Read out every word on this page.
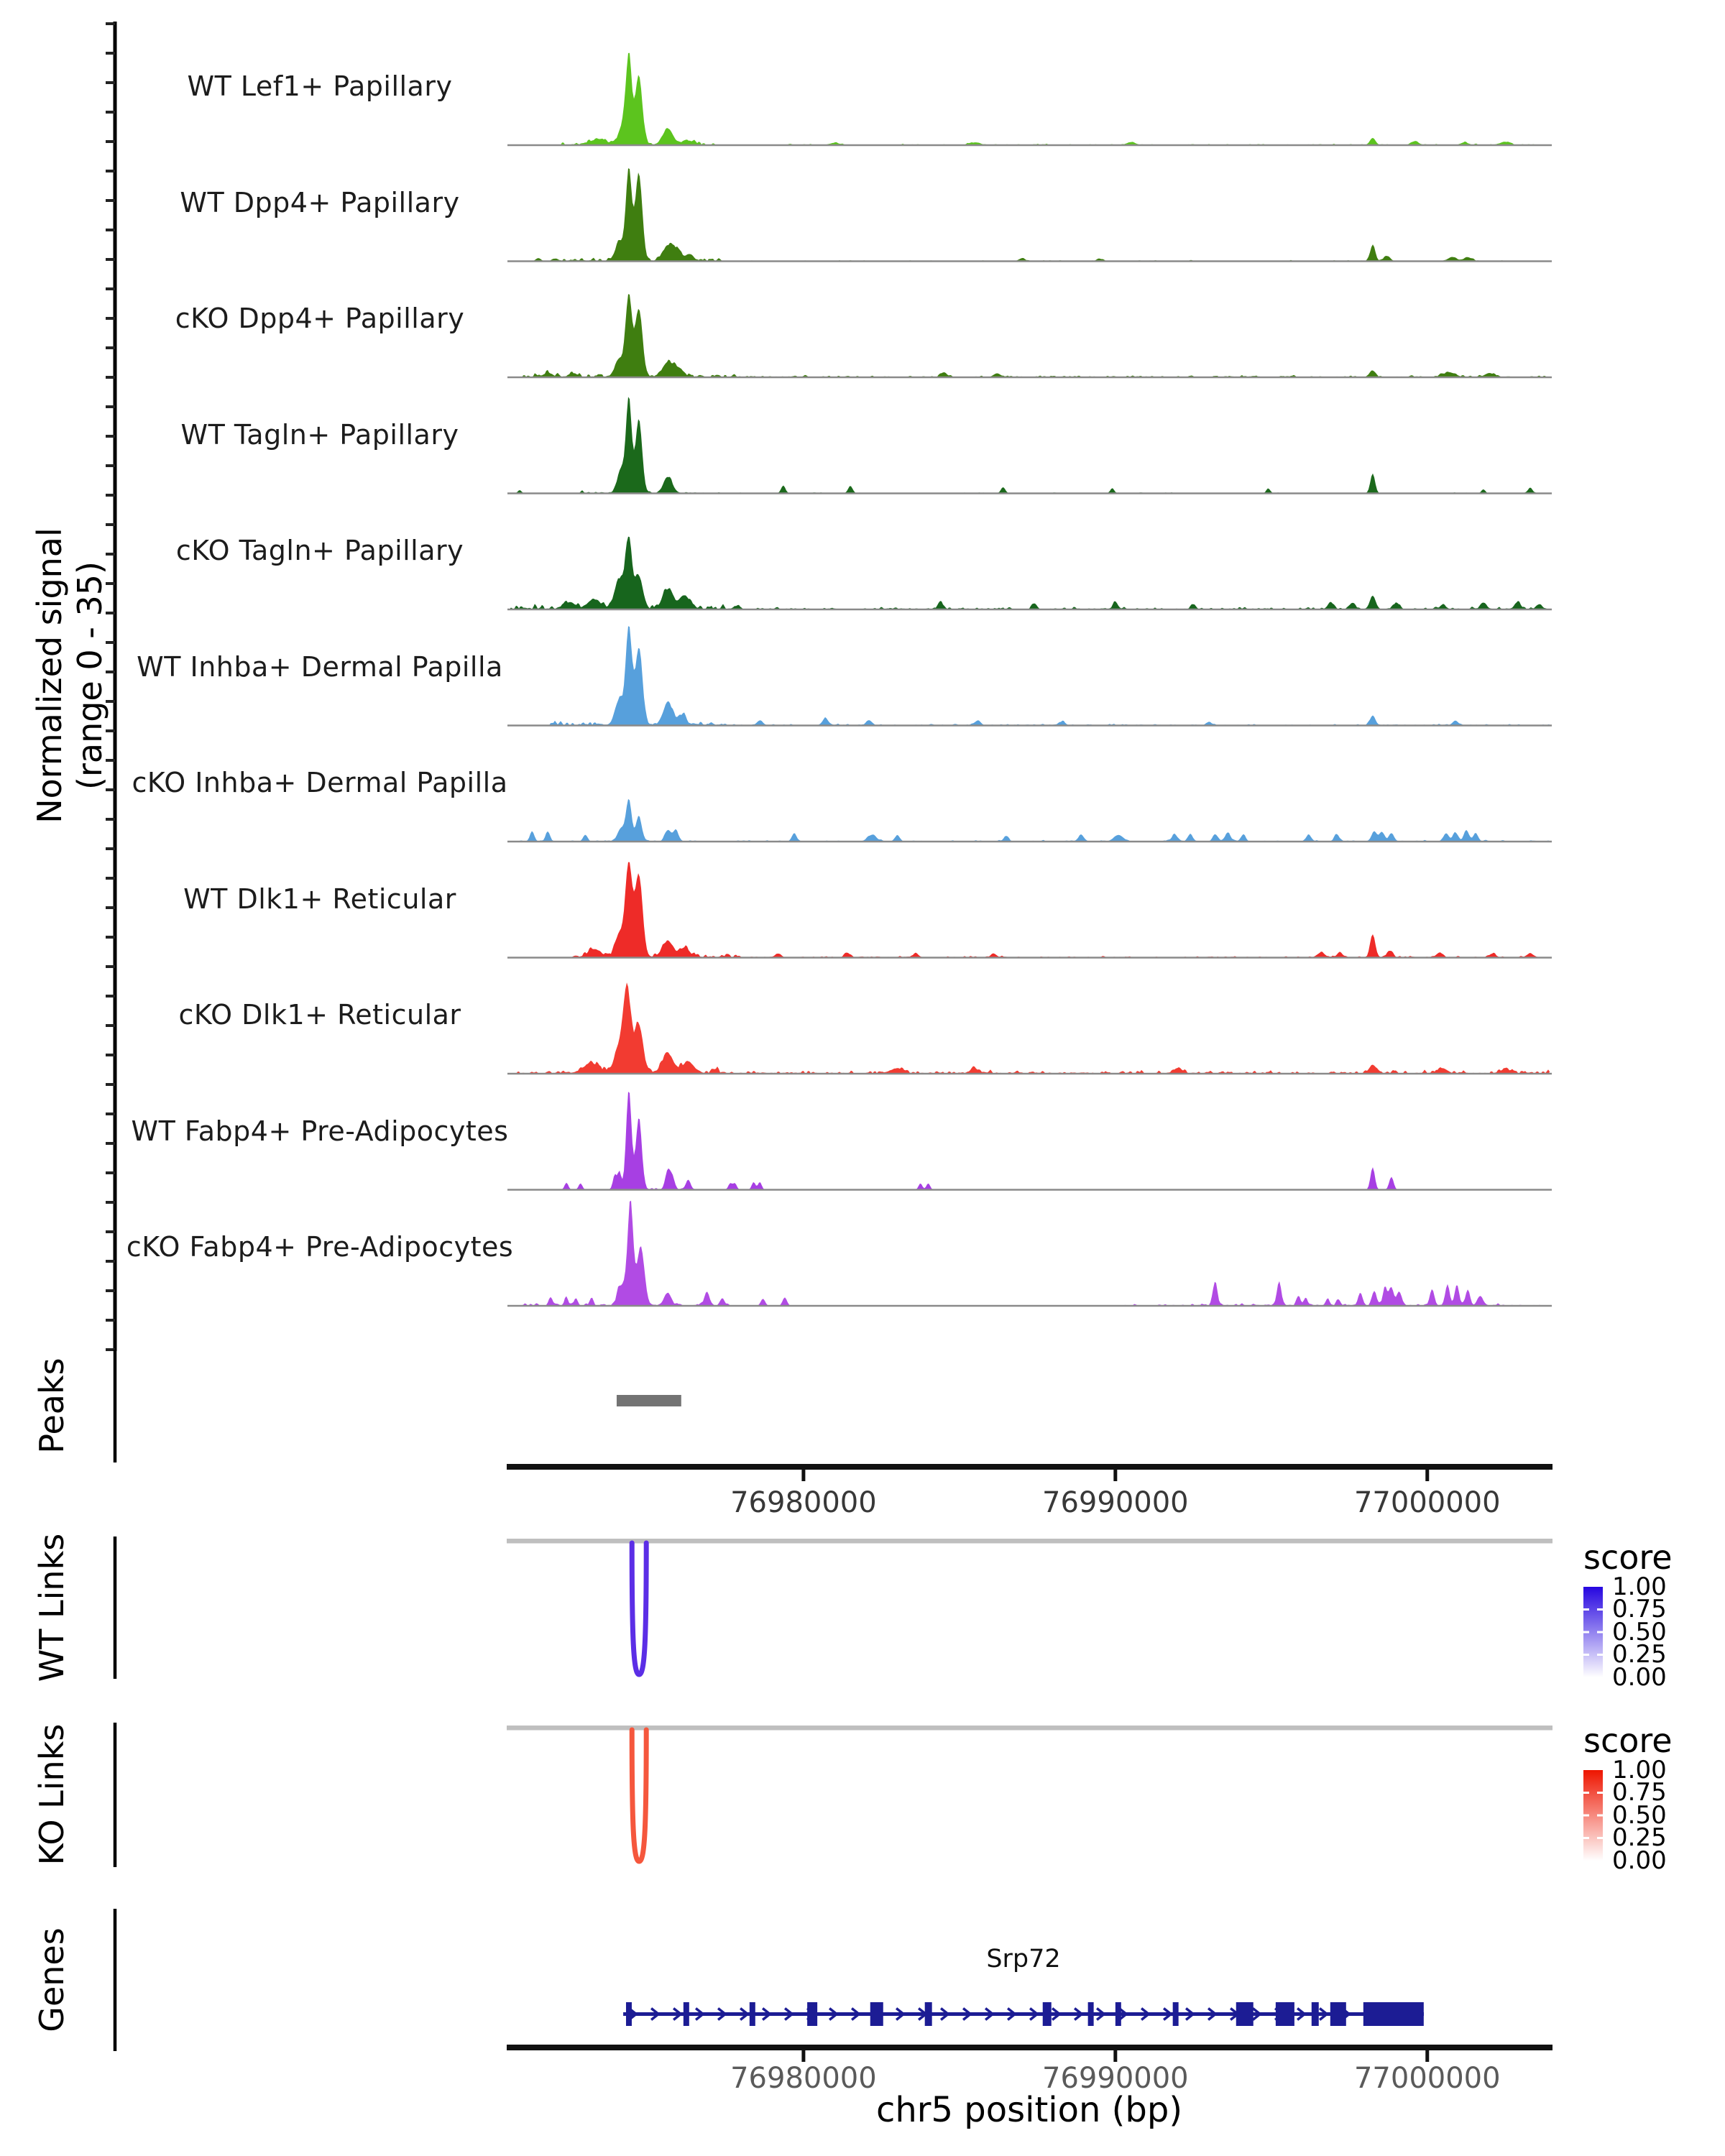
Normalized signal (range 0 - 35)
WT Lef1+ Papillary
WT Dpp4+ Papillary
cKO Dpp4+ Papillary
WT Tagln+ Papillary
cKO Tagln+ Papillary
WT Inhba+ Dermal Papilla
cKO Inhba+ Dermal Papilla
WT Dlk1+ Reticular
cKO Dlk1+ Reticular
WT Fabp4+ Pre-Adipocytes
cKO Fabp4+ Pre-Adipocytes
Peaks
WT Links
KO Links
Genes
76980000	76990000	77000000
76980000	76990000	77000000
score
1.00
0.75
0.50
0.25
0.00
score
1.00
0.75
0.50
0.25
0.00
Srp72
chr5 position (bp)
